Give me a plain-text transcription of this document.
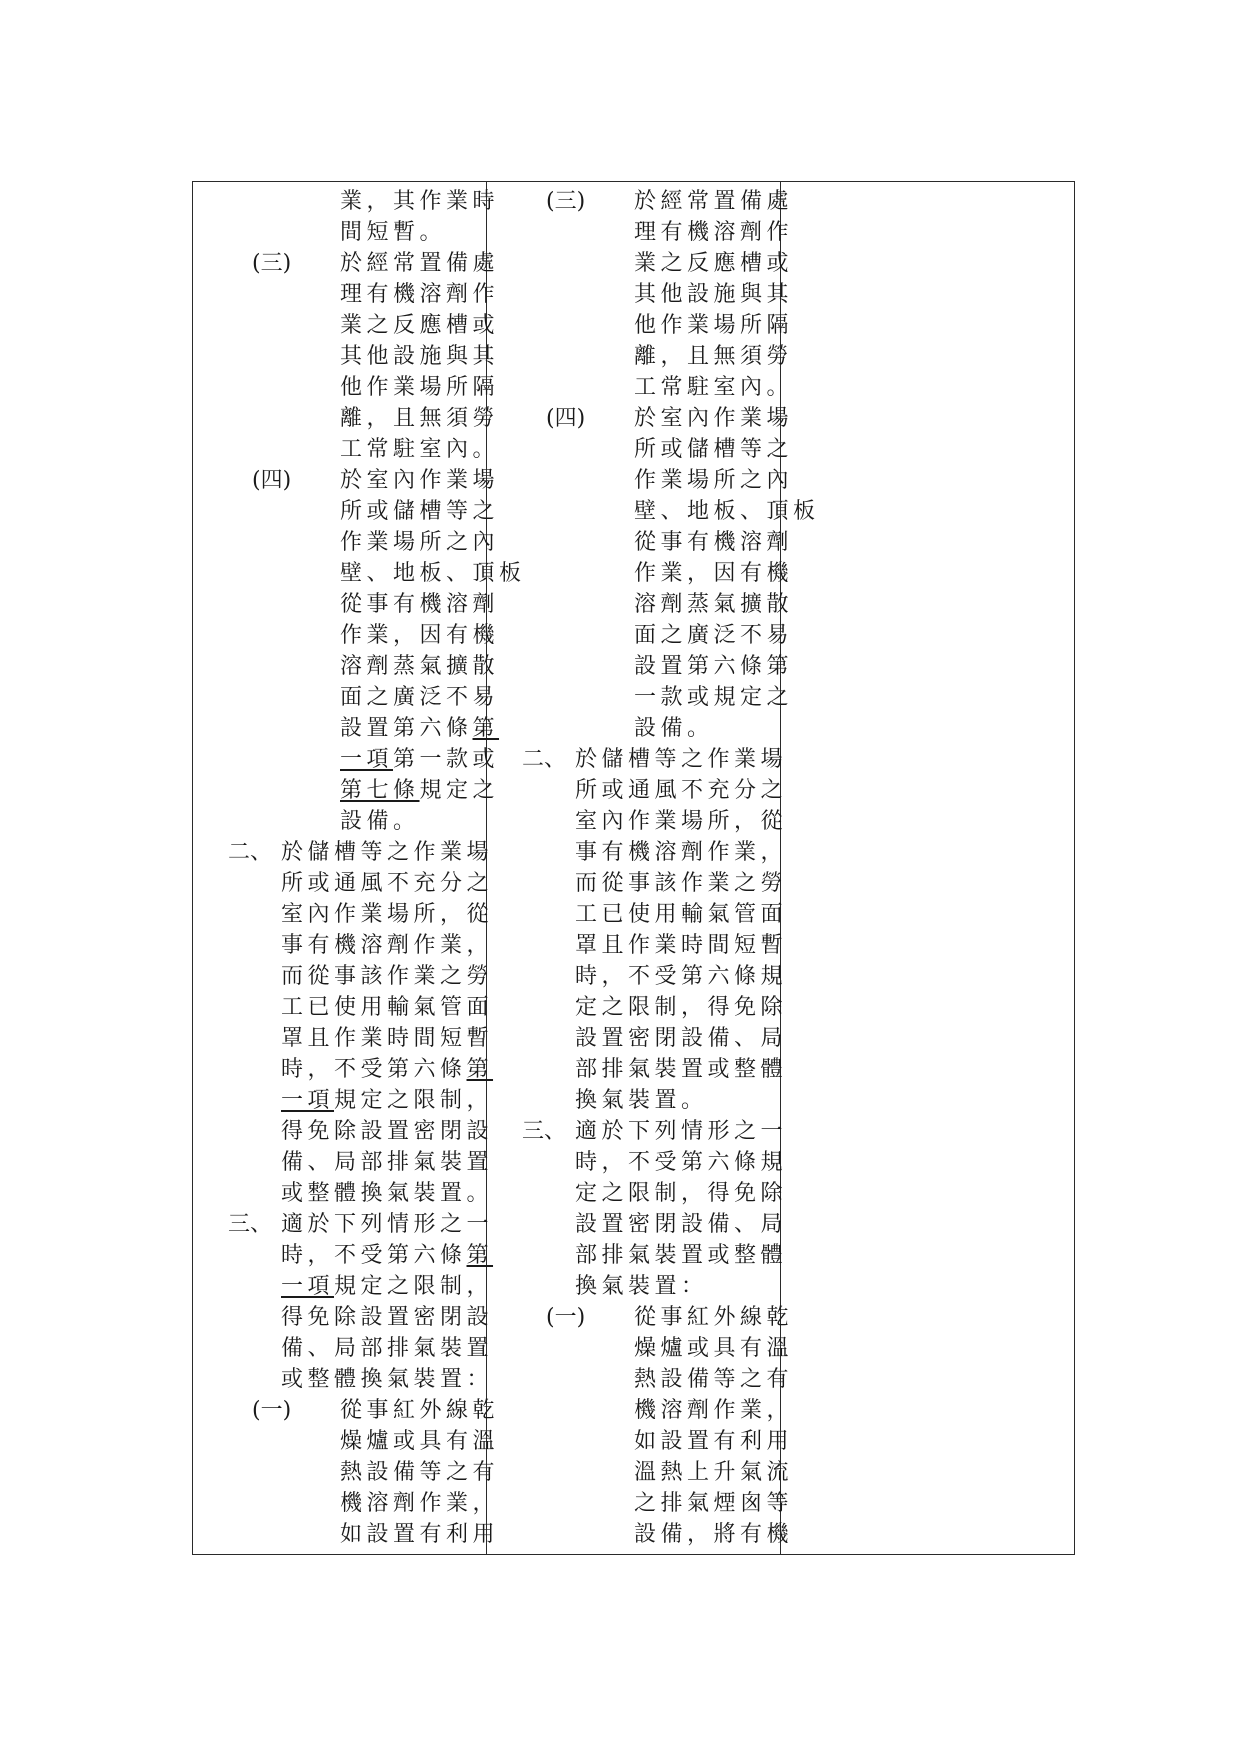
業，其作業時
間短暫。
(三) 於經常置備處
理有機溶劑作
業之反應槽或
其他設施與其
他作業場所隔
離，且無須勞
工常駐室內。
(四) 於室內作業場
所或儲槽等之
作業場所之內
壁、地板、頂板
從事有機溶劑
作業，因有機
溶劑蒸氣擴散
面之廣泛不易
設置第六條第
一項第一款或
第七條規定之
設備。
二、 於儲槽等之作業場
所或通風不充分之
室內作業場所，從
事有機溶劑作業，
而從事該作業之勞
工已使用輸氣管面
罩且作業時間短暫
時，不受第六條第
一項規定之限制，
得免除設置密閉設
備、局部排氣裝置
或整體換氣裝置。
三、 適於下列情形之一
時，不受第六條第
一項規定之限制，
得免除設置密閉設
備、局部排氣裝置
或整體換氣裝置：
(一) 從事紅外線乾
燥爐或具有溫
熱設備等之有
機溶劑作業，
如設置有利用
(三) 於經常置備處
理有機溶劑作
業之反應槽或
其他設施與其
他作業場所隔
離，且無須勞
工常駐室內。
(四) 於室內作業場
所或儲槽等之
作業場所之內
壁、地板、頂板
從事有機溶劑
作業，因有機
溶劑蒸氣擴散
面之廣泛不易
設置第六條第
一款或規定之
設備。
二、 於儲槽等之作業場
所或通風不充分之
室內作業場所，從
事有機溶劑作業，
而從事該作業之勞
工已使用輸氣管面
罩且作業時間短暫
時，不受第六條規
定之限制，得免除
設置密閉設備、局
部排氣裝置或整體
換氣裝置。
三、 適於下列情形之一
時，不受第六條規
定之限制，得免除
設置密閉設備、局
部排氣裝置或整體
換氣裝置：
(一) 從事紅外線乾
燥爐或具有溫
熱設備等之有
機溶劑作業，
如設置有利用
溫熱上升氣流
之排氣煙囪等
設備，將有機
